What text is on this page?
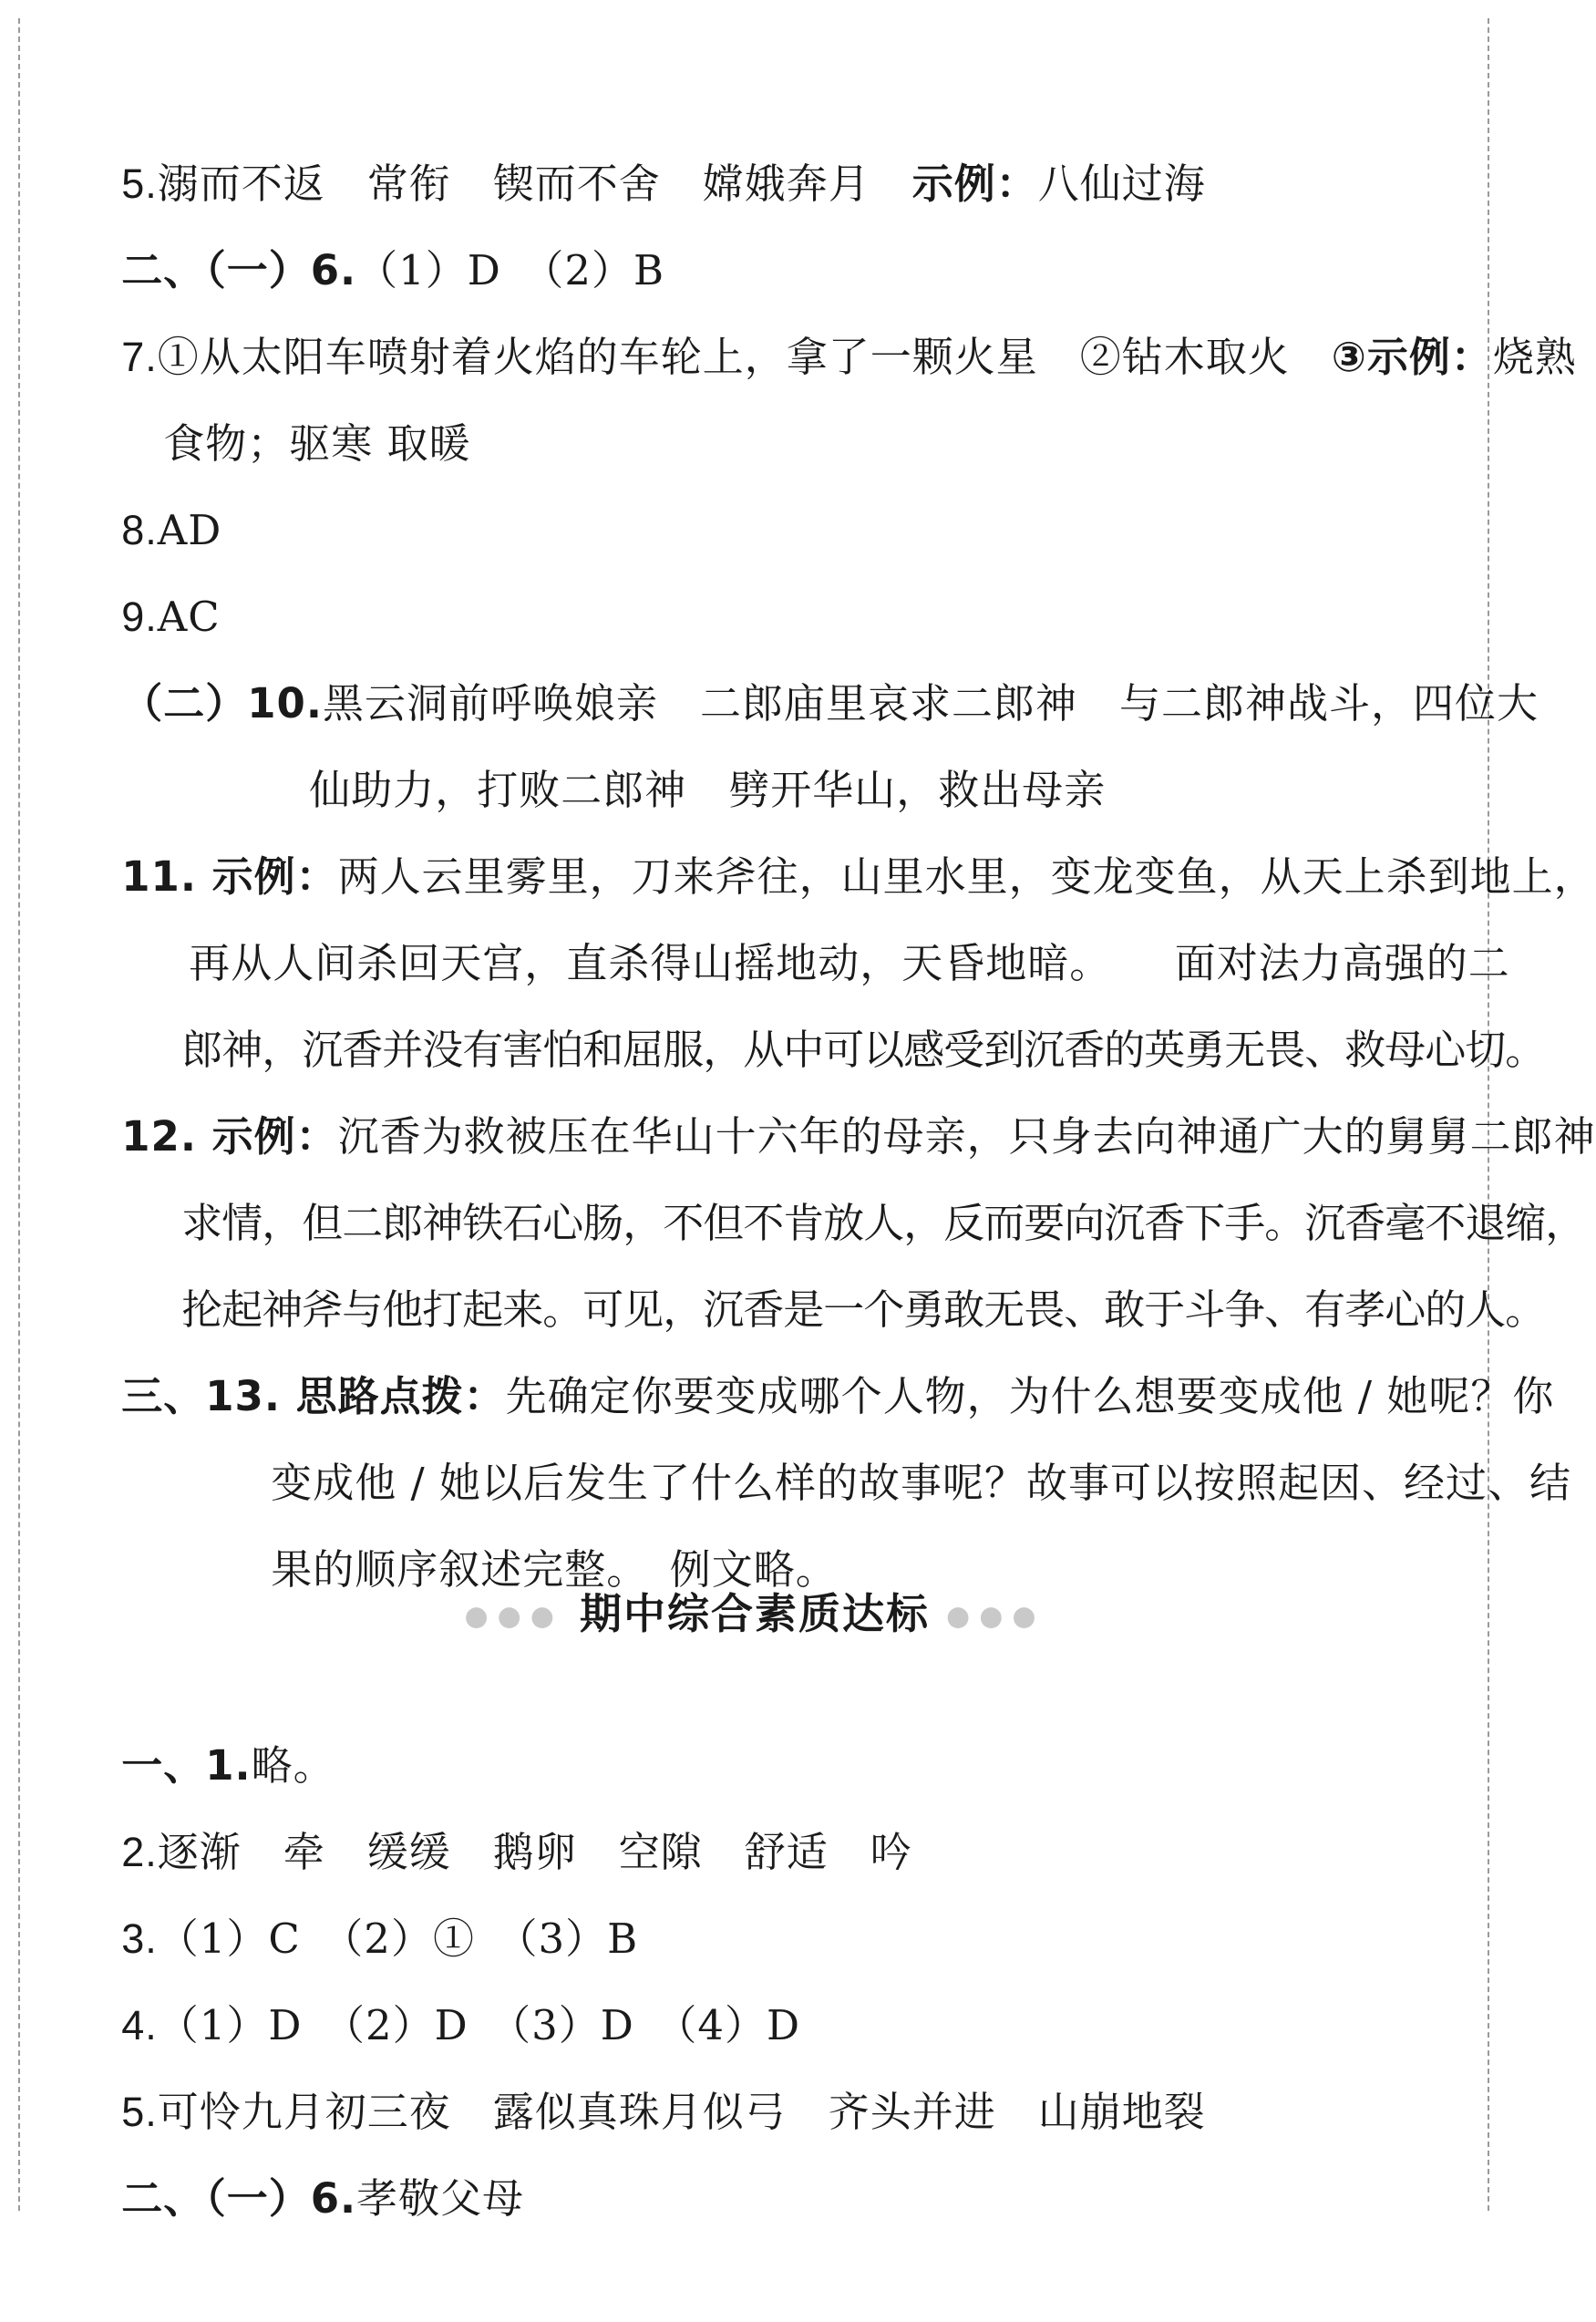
5.溺而不返　常衔　锲而不舍　嫦娥奔月　示例：八仙过海

二、（一）6.（1）D　（2）B

7.①从太阳车喷射着火焰的车轮上，拿了一颗火星　②钻木取火　③示例：烧熟

食物；驱寒 取暖

8.AD

9.AC

（二）10.黑云洞前呼唤娘亲　二郎庙里哀求二郎神　与二郎神战斗，四位大

仙助力，打败二郎神　劈开华山，救出母亲

11. 示例：两人云里雾里，刀来斧往，山里水里，变龙变鱼，从天上杀到地上，

再从人间杀回天宫，直杀得山摇地动，天昏地暗。　　面对法力高强的二

郎神，沉香并没有害怕和屈服，从中可以感受到沉香的英勇无畏、救母心切。

12. 示例：沉香为救被压在华山十六年的母亲，只身去向神通广大的舅舅二郎神

求情，但二郎神铁石心肠，不但不肯放人，反而要向沉香下手。沉香毫不退缩，

抡起神斧与他打起来。可见，沉香是一个勇敢无畏、敢于斗争、有孝心的人。

三、13. 思路点拨：先确定你要变成哪个人物，为什么想要变成他 / 她呢？你

变成他 / 她以后发生了什么样的故事呢？故事可以按照起因、经过、结

果的顺序叙述完整。　例文略。

●●● 期中综合素质达标 ●●●

一、1.略。

2.逐渐　牵　缓缓　鹅卵　空隙　舒适　吟

3.（1）C　（2）①　（3）B

4.（1）D　（2）D　（3）D　（4）D

5.可怜九月初三夜　露似真珠月似弓　齐头并进　山崩地裂

二、（一）6.孝敬父母
